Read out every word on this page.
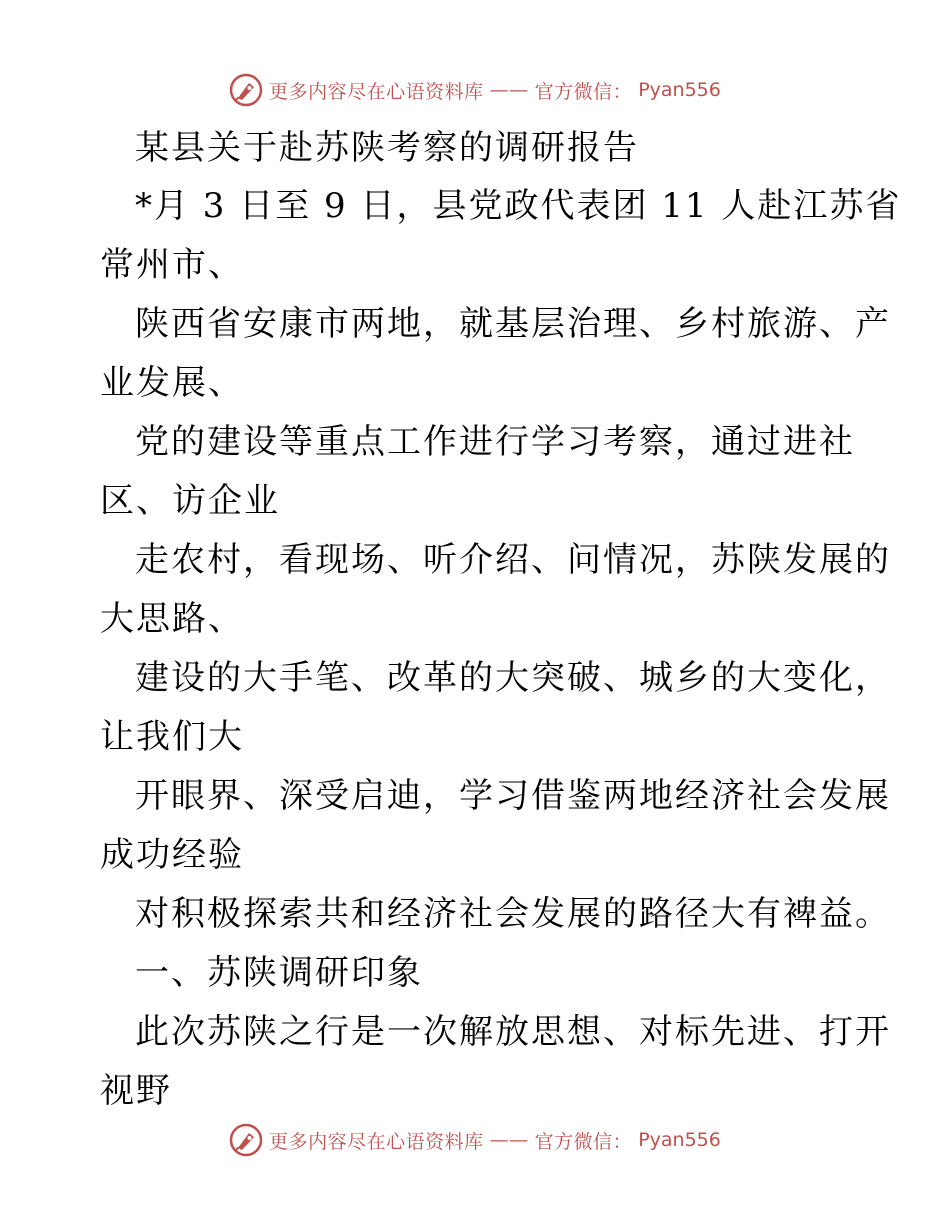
更多内容尽在心语资料库 —— 官方微信： Pyan556
某县关于赴苏陕考察的调研报告
*月 3 日至 9 日，县党政代表团 11 人赴江苏省
常州市、
陕西省安康市两地，就基层治理、乡村旅游、产
业发展、
党的建设等重点工作进行学习考察，通过进社
区、访企业
走农村，看现场、听介绍、问情况，苏陕发展的
大思路、
建设的大手笔、改革的大突破、城乡的大变化，
让我们大
开眼界、深受启迪，学习借鉴两地经济社会发展
成功经验
对积极探索共和经济社会发展的路径大有裨益。
一、苏陕调研印象
此次苏陕之行是一次解放思想、对标先进、打开
视野
更多内容尽在心语资料库 —— 官方微信： Pyan556
